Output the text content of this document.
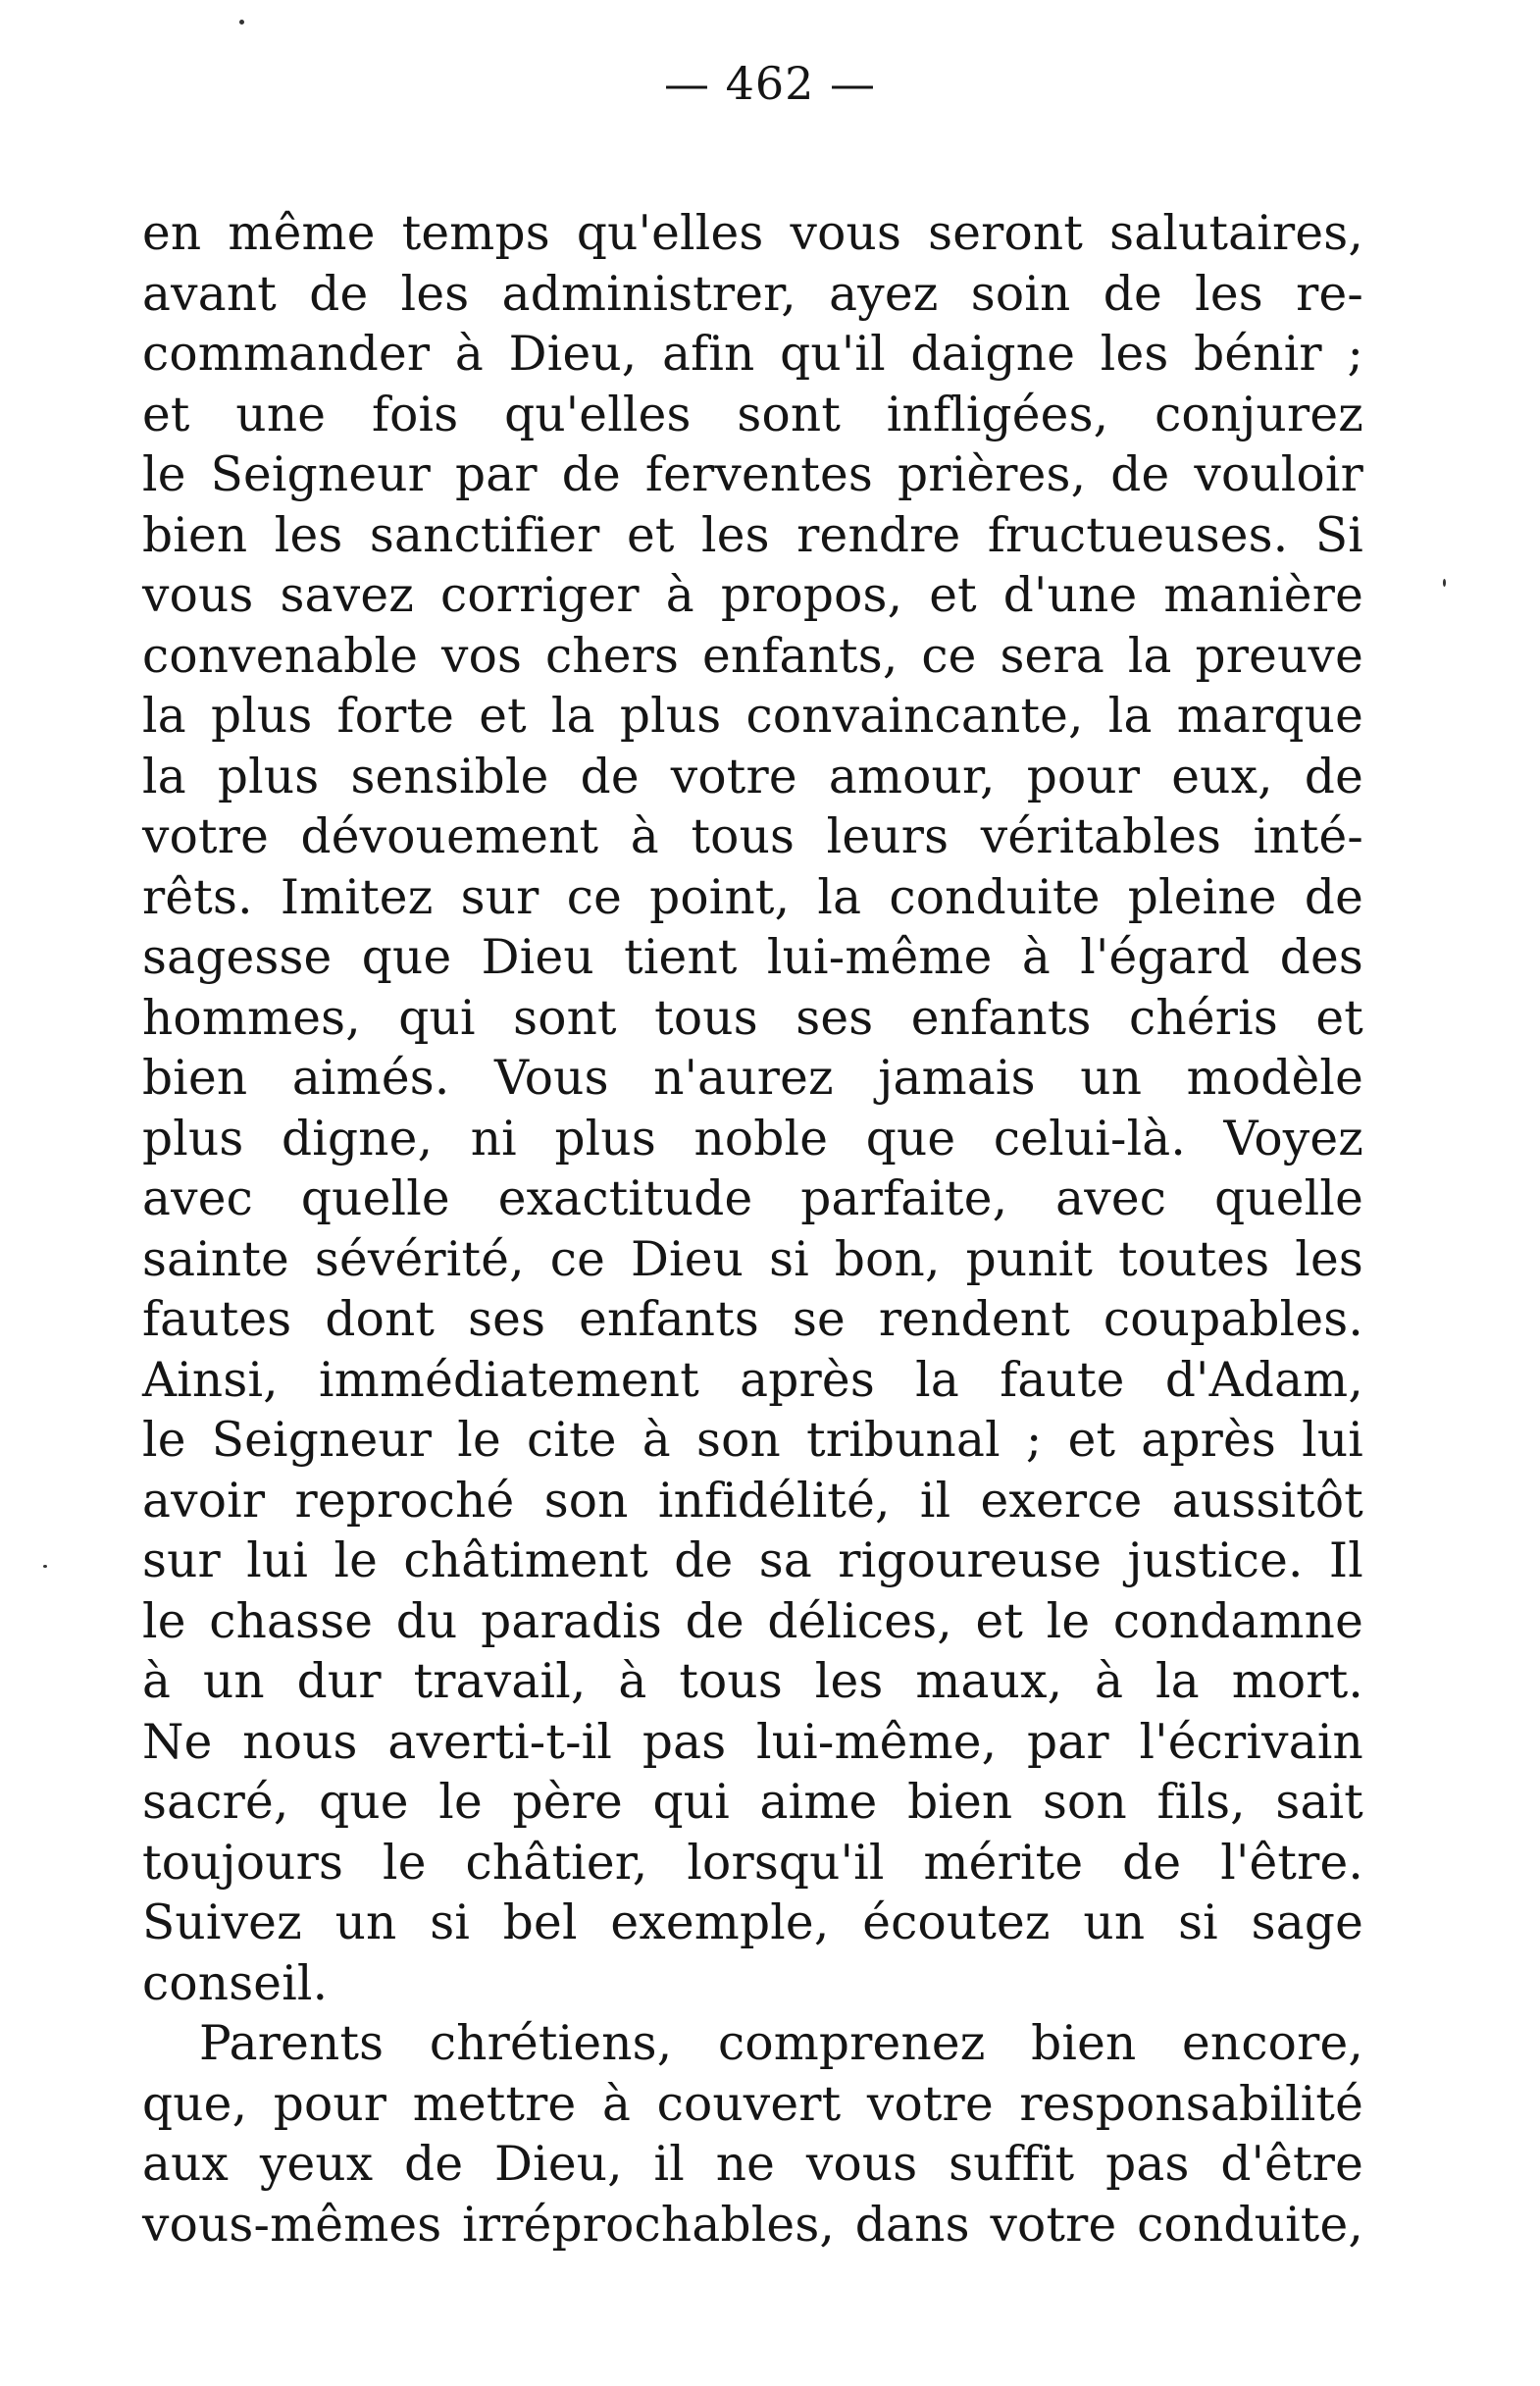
— 462 —
en même temps qu'elles vous seront salutaires,
avant de les administrer, ayez soin de les re-
commander à Dieu, afin qu'il daigne les bénir ;
et une fois qu'elles sont infligées, conjurez
le Seigneur par de ferventes prières, de vouloir
bien les sanctifier et les rendre fructueuses. Si
vous savez corriger à propos, et d'une manière
convenable vos chers enfants, ce sera la preuve
la plus forte et la plus convaincante, la marque
la plus sensible de votre amour, pour eux, de
votre dévouement à tous leurs véritables inté-
rêts. Imitez sur ce point, la conduite pleine de
sagesse que Dieu tient lui-même à l'égard des
hommes, qui sont tous ses enfants chéris et
bien aimés. Vous n'aurez jamais un modèle
plus digne, ni plus noble que celui-là. Voyez
avec quelle exactitude parfaite, avec quelle
sainte sévérité, ce Dieu si bon, punit toutes les
fautes dont ses enfants se rendent coupables.
Ainsi, immédiatement après la faute d'Adam,
le Seigneur le cite à son tribunal ; et après lui
avoir reproché son infidélité, il exerce aussitôt
sur lui le châtiment de sa rigoureuse justice. Il
le chasse du paradis de délices, et le condamne
à un dur travail, à tous les maux, à la mort.
Ne nous averti-t-il pas lui-même, par l'écrivain
sacré, que le père qui aime bien son fils, sait
toujours le châtier, lorsqu'il mérite de l'être.
Suivez un si bel exemple, écoutez un si sage
conseil.
Parents chrétiens, comprenez bien encore,
que, pour mettre à couvert votre responsabilité
aux yeux de Dieu, il ne vous suffit pas d'être
vous-mêmes irréprochables, dans votre conduite,
